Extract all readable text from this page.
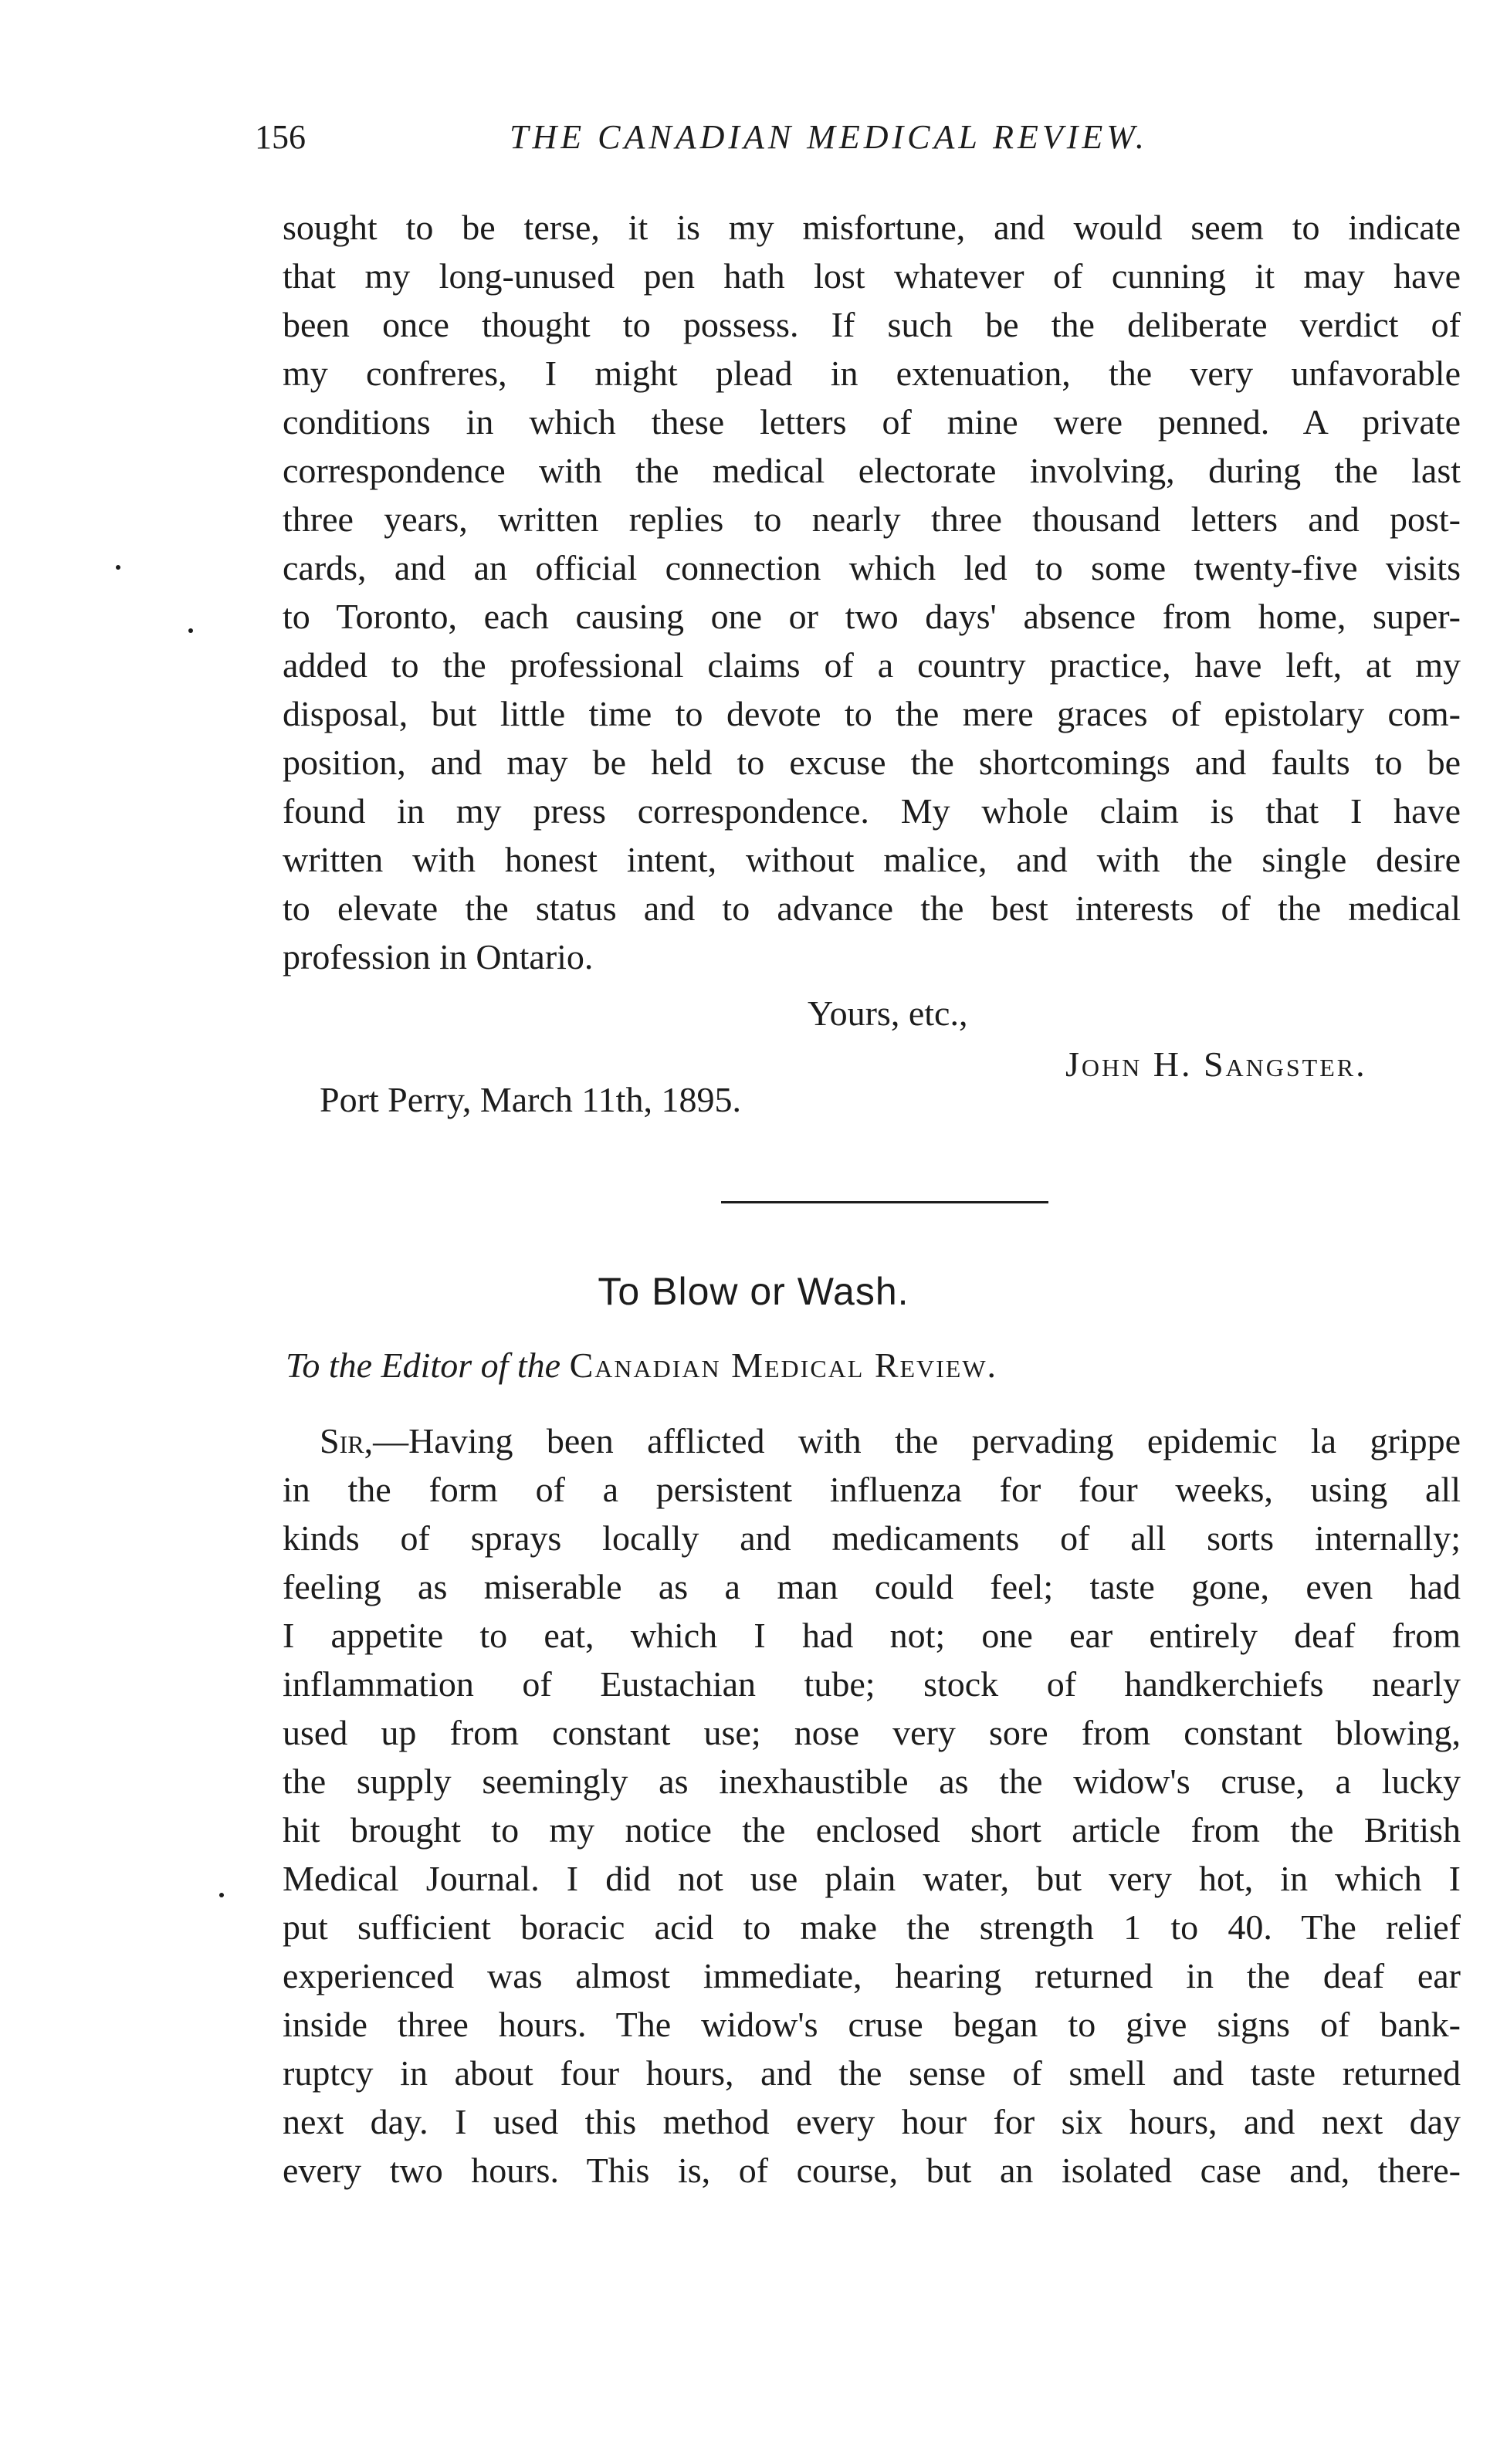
156	THE CANADIAN MEDICAL REVIEW.
sought to be terse, it is my misfortune, and would seem to indicate
that my long-unused pen hath lost whatever of cunning it may have
been once thought to possess. If such be the deliberate verdict of
my confreres, I might plead in extenuation, the very unfavorable
conditions in which these letters of mine were penned. A private
correspondence with the medical electorate involving, during the last
three years, written replies to nearly three thousand letters and post-
cards, and an official connection which led to some twenty-five visits
to Toronto, each causing one or two days' absence from home, super-
added to the professional claims of a country practice, have left, at my
disposal, but little time to devote to the mere graces of epistolary com-
position, and may be held to excuse the shortcomings and faults to be
found in my press correspondence. My whole claim is that I have
written with honest intent, without malice, and with the single desire
to elevate the status and to advance the best interests of the medical
profession in Ontario.
Yours, etc.,
John H. Sangster.
Port Perry, March 11th, 1895.
To Blow or Wash.
To the Editor of the Canadian Medical Review.
Sir,—Having been afflicted with the pervading epidemic la grippe
in the form of a persistent influenza for four weeks, using all
kinds of sprays locally and medicaments of all sorts internally;
feeling as miserable as a man could feel; taste gone, even had
I appetite to eat, which I had not; one ear entirely deaf from
inflammation of Eustachian tube; stock of handkerchiefs nearly
used up from constant use; nose very sore from constant blowing,
the supply seemingly as inexhaustible as the widow's cruse, a lucky
hit brought to my notice the enclosed short article from the British
Medical Journal. I did not use plain water, but very hot, in which I
put sufficient boracic acid to make the strength 1 to 40. The relief
experienced was almost immediate, hearing returned in the deaf ear
inside three hours. The widow's cruse began to give signs of bank-
ruptcy in about four hours, and the sense of smell and taste returned
next day. I used this method every hour for six hours, and next day
every two hours. This is, of course, but an isolated case and, there-
